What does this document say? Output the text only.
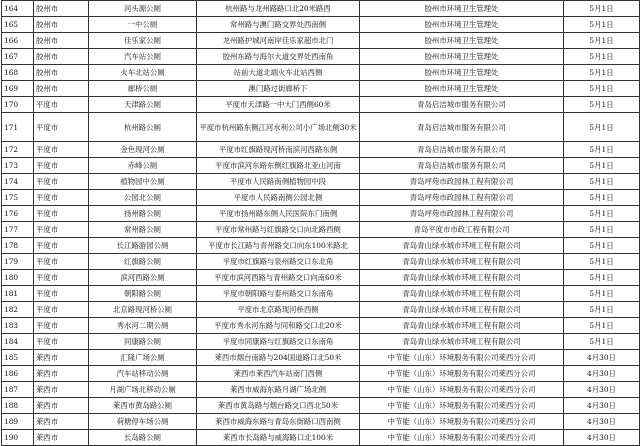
164	胶州市	河头源公厕	杭州路与龙州路路口北20米路西	胶州市环境卫生管理处	5月1日
165	胶州市	一中公厕	常州路与澳门路交界处西南侧	胶州市环境卫生管理处	5月1日
166	胶州市	佳乐家公厕	龙州路护城河南岸佳乐家超市北门	胶州市环境卫生管理处	5月1日
167	胶州市	汽车站公厕	胶州东路与海尔大道交界处西南角	胶州市环境卫生管理处	5月1日
168	胶州市	火车北站公厕	站前大道北端火车北站西侧	胶州市环境卫生管理处	5月1日
169	胶州市	廊桥公厕	澳门路过街廊桥下	胶州市环境卫生管理处	5月1日
170	平度市	天津路公厕	平度市天津路一中大门西侧60米	青岛启洁城市服务有限公司	5月1日
171	平度市	杭州路公厕	平度市杭州路东侧江河水利公司小广场北侧30米	青岛启洁城市服务有限公司	5月1日
172	平度市	金色现河公厕	平度市红旗路现河桥南滨河西路东侧	青岛启洁城市服务有限公司	5月1日
173	平度市	赤峰公厕	平度市滨河东路东侧红旗路北亚山河南	青岛启洁城市服务有限公司	5月1日
174	平度市	植物园中公厕	平度市人民路南侧植物园中段	青岛坪苑市政园林工程有限公司	5月1日
175	平度市	公园北公厕	平度市人民路南侧公园北侧	青岛坪苑市政园林工程有限公司	5月1日
176	平度市	扬州路公厕	平度市扬州路东侧人民医院东门南侧	青岛坪苑市政园林工程有限公司	5月1日
177	平度市	常州路公厕	平度市常州路与红旗路交口向北路西侧	青岛平度市市政工程有限公司	5月1日
178	平度市	长江路游园公厕	平度市长江路与青州路交口向东100米路北	青岛青山绿水城市环境工程有限公司	5月1日
179	平度市	红旗路公厕	平度市红旗路与泉州路交口东北角	青岛青山绿水城市环境工程有限公司	5月1日
180	平度市	滨河西路公厕	平度市滨河西路与青州路交口向南60米	青岛青山绿水城市环境工程有限公司	5月1日
181	平度市	朝阳路公厕	平度市朝阳路与泰州路交口东南角	青岛青山绿水城市环境工程有限公司	5月1日
182	平度市	北京路现河桥公厕	平度市北京路现河桥西侧	青岛青山绿水城市环境工程有限公司	5月1日
183	平度市	秀水河二期公厕	平度市秀水河东路与同和路交口北20米	青岛青山绿水城市环境工程有限公司	5月1日
184	平度市	同康路公厕	平度市同康路与红旗路交口东南角	青岛青山绿水城市环境工程有限公司	5月1日
185	莱西市	汇隆广场公厕	莱西市烟台南路与204国道路口北50米	中节能（山东）环境服务有限公司莱西分公司	4月30日
186	莱西市	汽车站移动公厕	莱西市莱西汽车站南门西侧	中节能（山东）环境服务有限公司莱西分公司	4月30日
187	莱西市	月湖广场北移动公厕	莱西市威海东路月湖广场北侧	中节能（山东）环境服务有限公司莱西分公司	4月30日
188	莱西市	莱西市黄岛路公厕	莱西市黄岛路与烟台路交口西北50米	中节能（山东）环境服务有限公司莱西分公司	4月30日
189	莱西市	荷塘停车场公厕	莱西市威海东路与青岛东街路口西南侧	中节能（山东）环境服务有限公司莱西分公司	4月30日
190	莱西市	长岛路公厕	莱西市长岛路与威海路口北100米	中节能（山东）环境服务有限公司莱西分公司	4月30日
